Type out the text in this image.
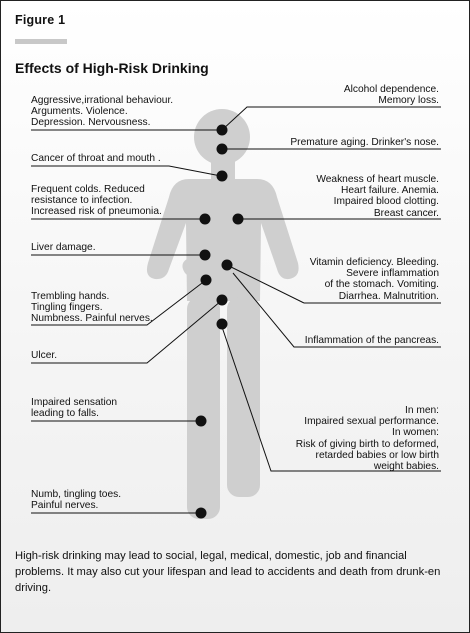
Figure 1
Effects of High-Risk Drinking
Aggressive,irrational behaviour.
Arguments. Violence.
Depression. Nervousness.
Alcohol dependence.
Memory loss.
Premature aging. Drinker's nose.
Cancer of throat and mouth .
Frequent colds. Reduced
resistance to infection.
Increased risk of pneumonia.
Weakness of heart muscle.
Heart failure. Anemia.
Impaired blood clotting.
Breast cancer.
Liver damage.
Vitamin deficiency. Bleeding.
Severe inflammation
of the stomach. Vomiting.
Diarrhea. Malnutrition.
Trembling hands.
Tingling fingers.
Numbness. Painful nerves.
Inflammation of the pancreas.
Ulcer.
Impaired sensation
leading to falls.	In men:
Impaired sexual performance.
In women:
Risk of giving birth to deformed,
retarded babies or low birth
weight babies.
Numb, tingling toes.
Painful nerves.
High-risk drinking may lead to social, legal, medical, domestic, job and financial problems. It may also cut your lifespan and lead to accidents and death from drunk-en driving.
